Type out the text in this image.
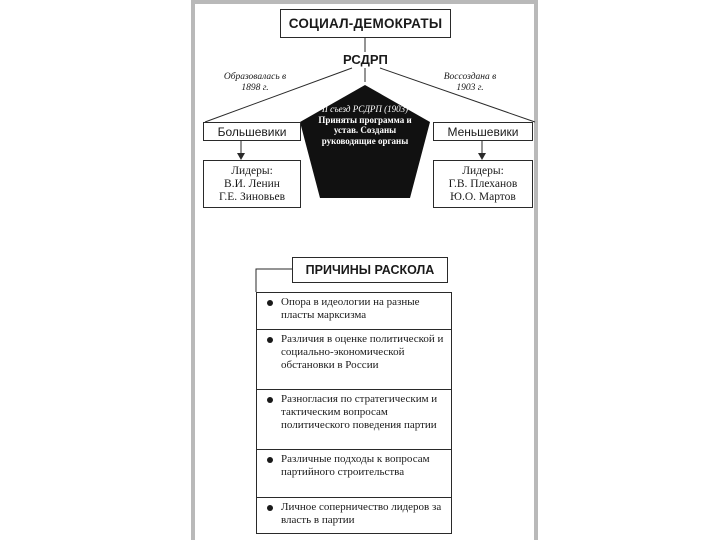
СОЦИАЛ-ДЕМОКРАТЫ
РСДРП
Образовалась в 1898 г.
Воссоздана в 1903 г.
II съезд РСДРП (1903)
Приняты программа и устав. Созданы руководящие органы
Большевики	Меньшевики
Лидеры:
В.И. Ленин
Г.Е. Зиновьев
Лидеры:
Г.В. Плеханов
Ю.О. Мартов
ПРИЧИНЫ РАСКОЛА
Опора в идеологии на разные пласты марксизма
Различия в оценке политической и социально-экономической обстановки в России
Разногласия по стратегическим и тактическим вопросам политического поведения партии
Различные подходы к вопросам партийного строительства
Личное соперничество лидеров за власть в партии
